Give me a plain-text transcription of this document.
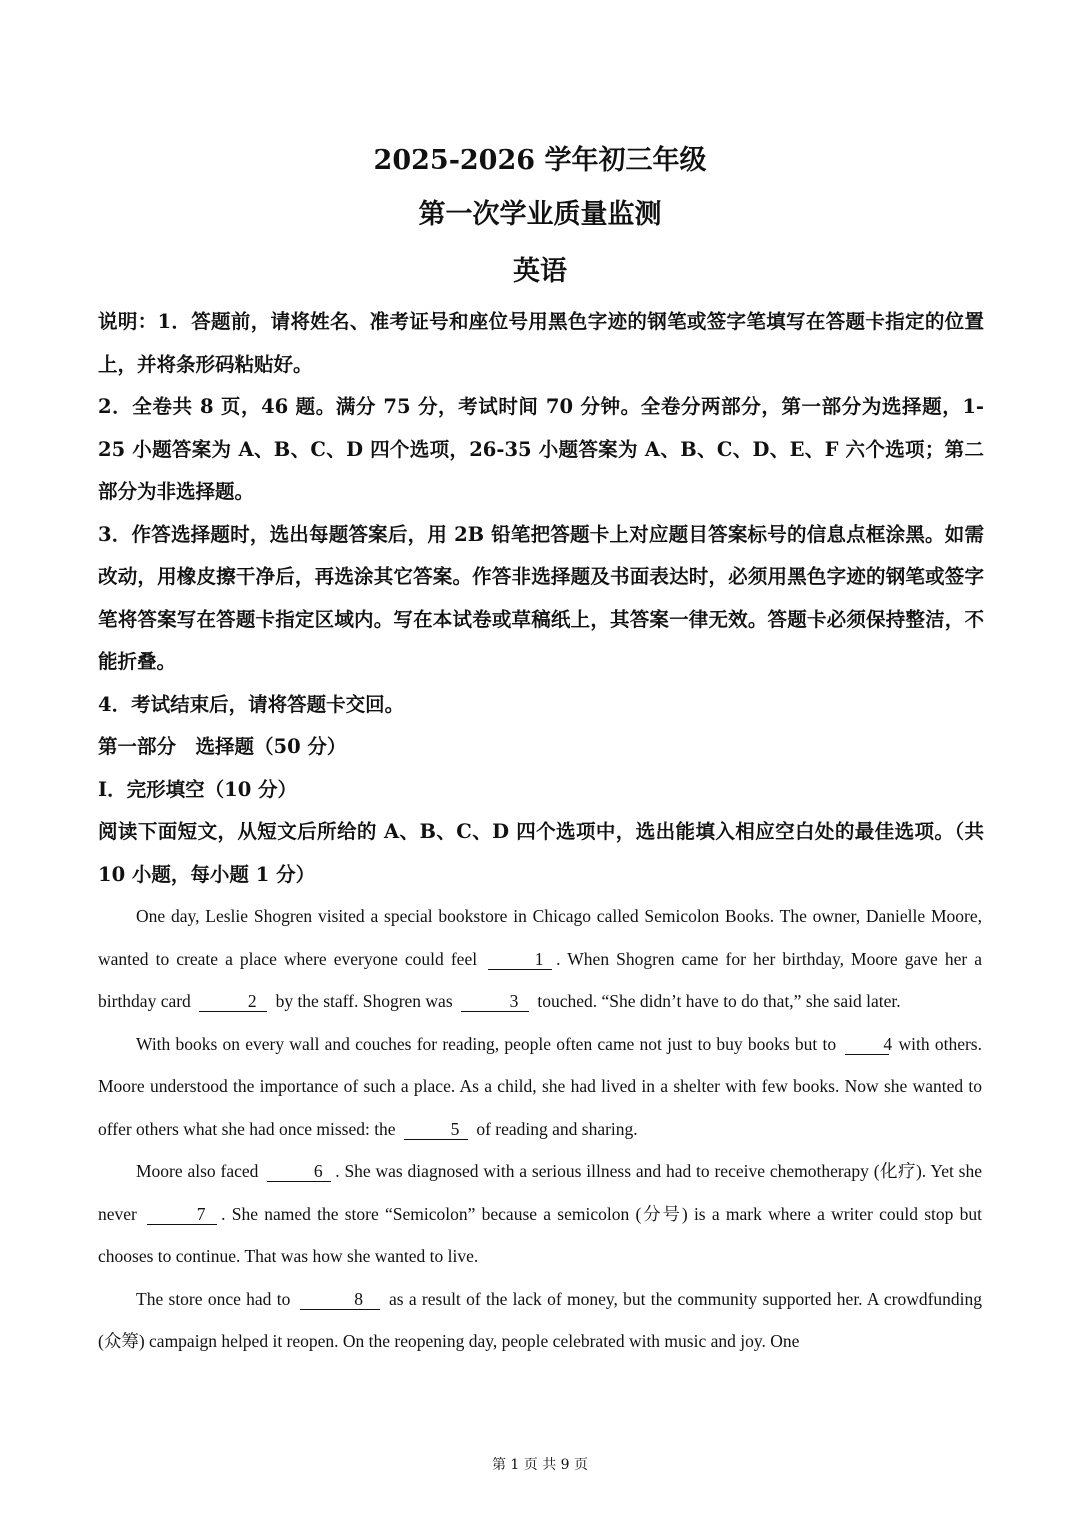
2025-2026 学年初三年级
第一次学业质量监测
英语

说明：1．答题前，请将姓名、准考证号和座位号用黑色字迹的钢笔或签字笔填写在答题卡指定的位置上，并将条形码粘贴好。

2．全卷共 8 页，46 题。满分 75 分，考试时间 70 分钟。全卷分两部分，第一部分为选择题，1-25 小题答案为 A、B、C、D 四个选项，26-35 小题答案为 A、B、C、D、E、F 六个选项；第二部分为非选择题。

3．作答选择题时，选出每题答案后，用 2B 铅笔把答题卡上对应题目答案标号的信息点框涂黑。如需改动，用橡皮擦干净后，再选涂其它答案。作答非选择题及书面表达时，必须用黑色字迹的钢笔或签字笔将答案写在答题卡指定区域内。写在本试卷或草稿纸上，其答案一律无效。答题卡必须保持整洁，不能折叠。

4．考试结束后，请将答题卡交回。

第一部分　选择题（50 分）

Ⅰ．完形填空（10 分）

阅读下面短文，从短文后所给的 A、B、C、D 四个选项中，选出能填入相应空白处的最佳选项。（共 10 小题，每小题 1 分）

One day, Leslie Shogren visited a special bookstore in Chicago called Semicolon Books. The owner, Danielle Moore, wanted to create a place where everyone could feel	1 . When Shogren came for her birthday, Moore gave her a birthday card	2 by the staff. Shogren was	3 touched. “She didn’t have to do that,” she said later.

With books on every wall and couches for reading, people often came not just to buy books but to	4 with others. Moore understood the importance of such a place. As a child, she had lived in a shelter with few books. Now she wanted to offer others what she had once missed: the	5 of reading and sharing.

Moore also faced	6 . She was diagnosed with a serious illness and had to receive chemotherapy (化疗). Yet she never	7 . She named the store “Semicolon” because a semicolon (分号) is a mark where a writer could stop but chooses to continue. That was how she wanted to live.

The store once had to	8 as a result of the lack of money, but the community supported her. A crowdfunding (众筹) campaign helped it reopen. On the reopening day, people celebrated with music and joy. One

第 1 页 共 9 页
